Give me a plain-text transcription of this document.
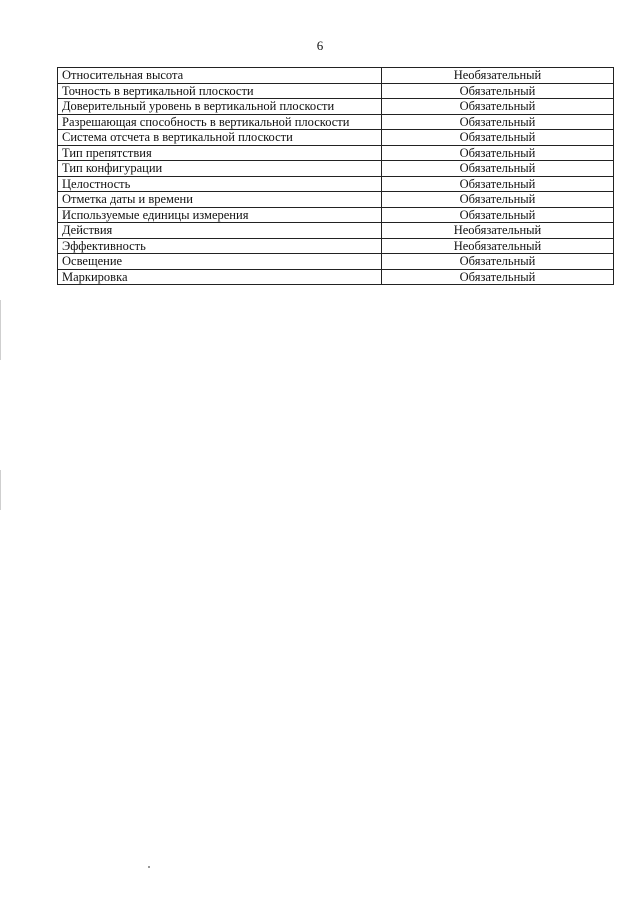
6
Относительная высота	Необязательный
Точность в вертикальной плоскости	Обязательный
Доверительный уровень в вертикальной плоскости	Обязательный
Разрешающая способность в вертикальной плоскости	Обязательный
Система отсчета в вертикальной плоскости	Обязательный
Тип препятствия	Обязательный
Тип конфигурации	Обязательный
Целостность	Обязательный
Отметка даты и времени	Обязательный
Используемые единицы измерения	Обязательный
Действия	Необязательный
Эффективность	Необязательный
Освещение	Обязательный
Маркировка	Обязательный
